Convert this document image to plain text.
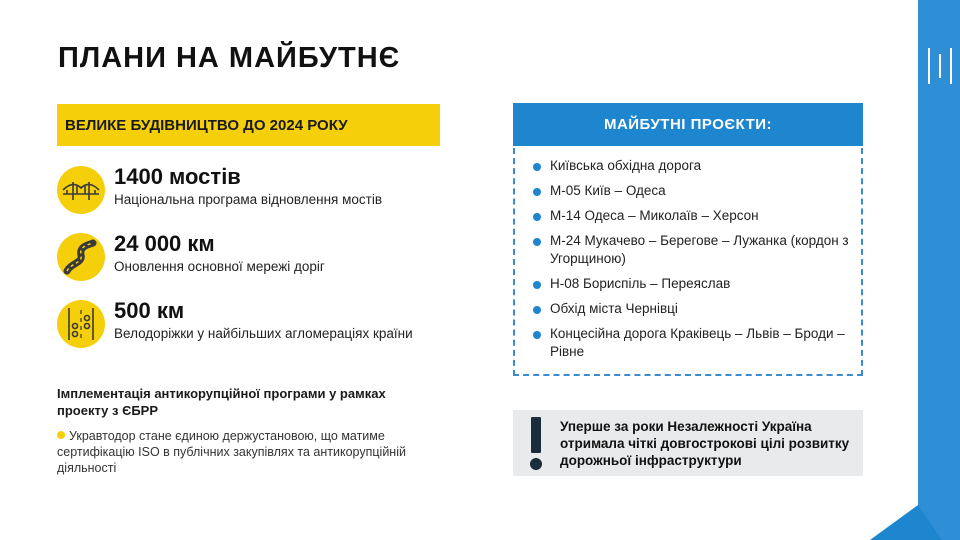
ПЛАНИ НА МАЙБУТНЄ
ВЕЛИКЕ БУДІВНИЦТВО ДО 2024 РОКУ
1400 мостів
Національна програма відновлення мостів
24 000 км
Оновлення основної мережі доріг
500 км
Велодоріжки у найбільших агломераціях країни
Імплементація антикорупційної програми у рамках проекту з ЄБРР
Укравтодор стане єдиною держустановою, що матиме сертифікацію ISO в публічних закупівлях та антикорупційній діяльності
МАЙБУТНІ ПРОЄКТИ:
Київська обхідна дорога
М-05 Київ – Одеса
М-14 Одеса – Миколаїв – Херсон
М-24 Мукачево – Берегове – Лужанка (кордон з Угорщиною)
Н-08 Бориспіль – Переяслав
Обхід міста Чернівці
Концесійна дорога Краківець – Львів – Броди – Рівне
Уперше за роки Незалежності Україна отримала чіткі довгострокові цілі розвитку дорожньої інфраструктури
